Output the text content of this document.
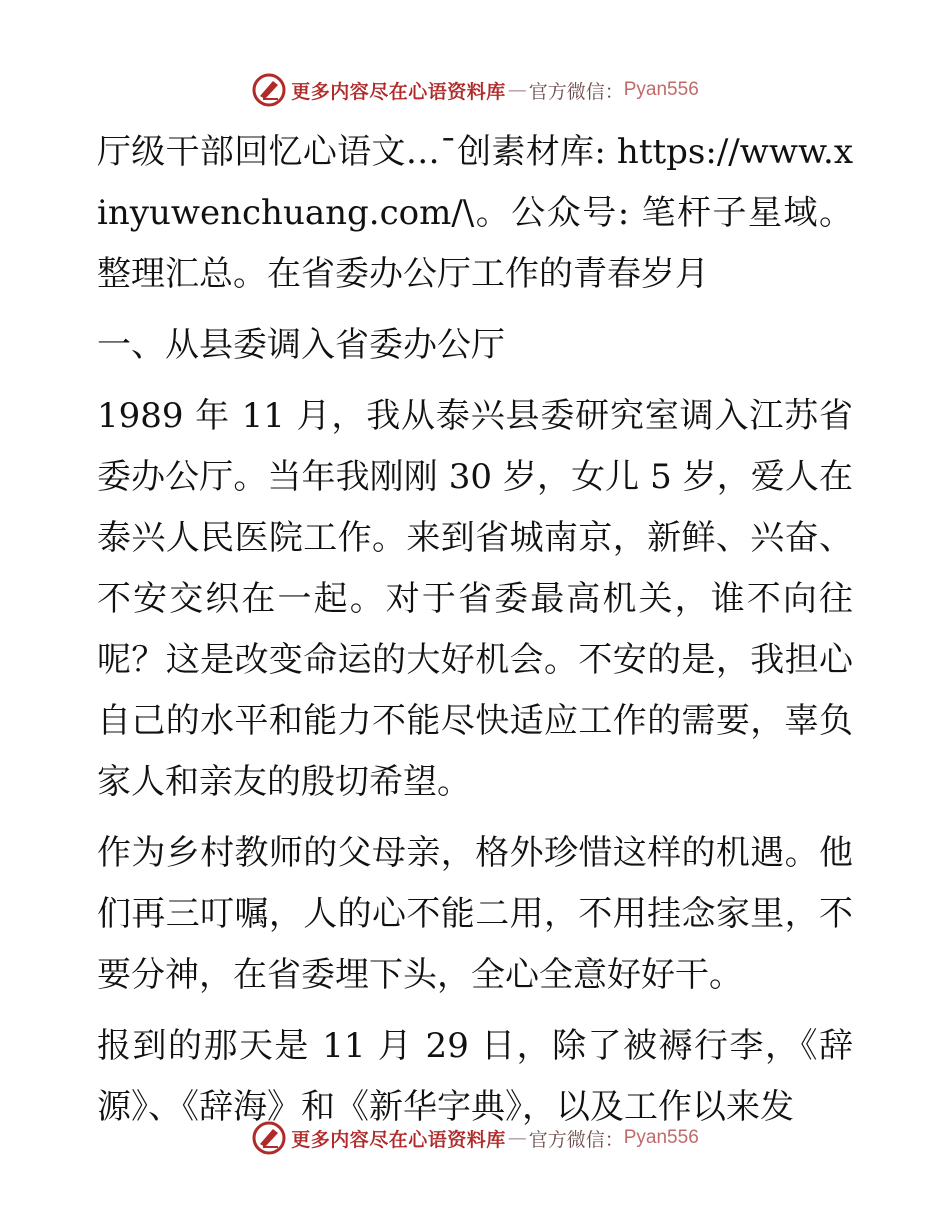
更多内容尽在心语资料库 — 官方微信： Pyan556

厅级干部回忆心语文…¯创素材库: https://www.xinyuwenchuang.com/\。公众号: 笔杆子星域。整理汇总。在省委办公厅工作的青春岁月

一、从县委调入省委办公厅

1989 年 11 月，我从泰兴县委研究室调入江苏省委办公厅。当年我刚刚 30 岁，女儿 5 岁，爱人在泰兴人民医院工作。来到省城南京，新鲜、兴奋、不安交织在一起。对于省委最高机关，谁不向往呢？这是改变命运的大好机会。不安的是，我担心自己的水平和能力不能尽快适应工作的需要，辜负家人和亲友的殷切希望。

作为乡村教师的父母亲，格外珍惜这样的机遇。他们再三叮嘱，人的心不能二用，不用挂念家里，不要分神，在省委埋下头，全心全意好好干。

报到的那天是 11 月 29 日，除了被褥行李，《辞源》、《辞海》和《新华字典》，以及工作以来发

更多内容尽在心语资料库 — 官方微信： Pyan556
